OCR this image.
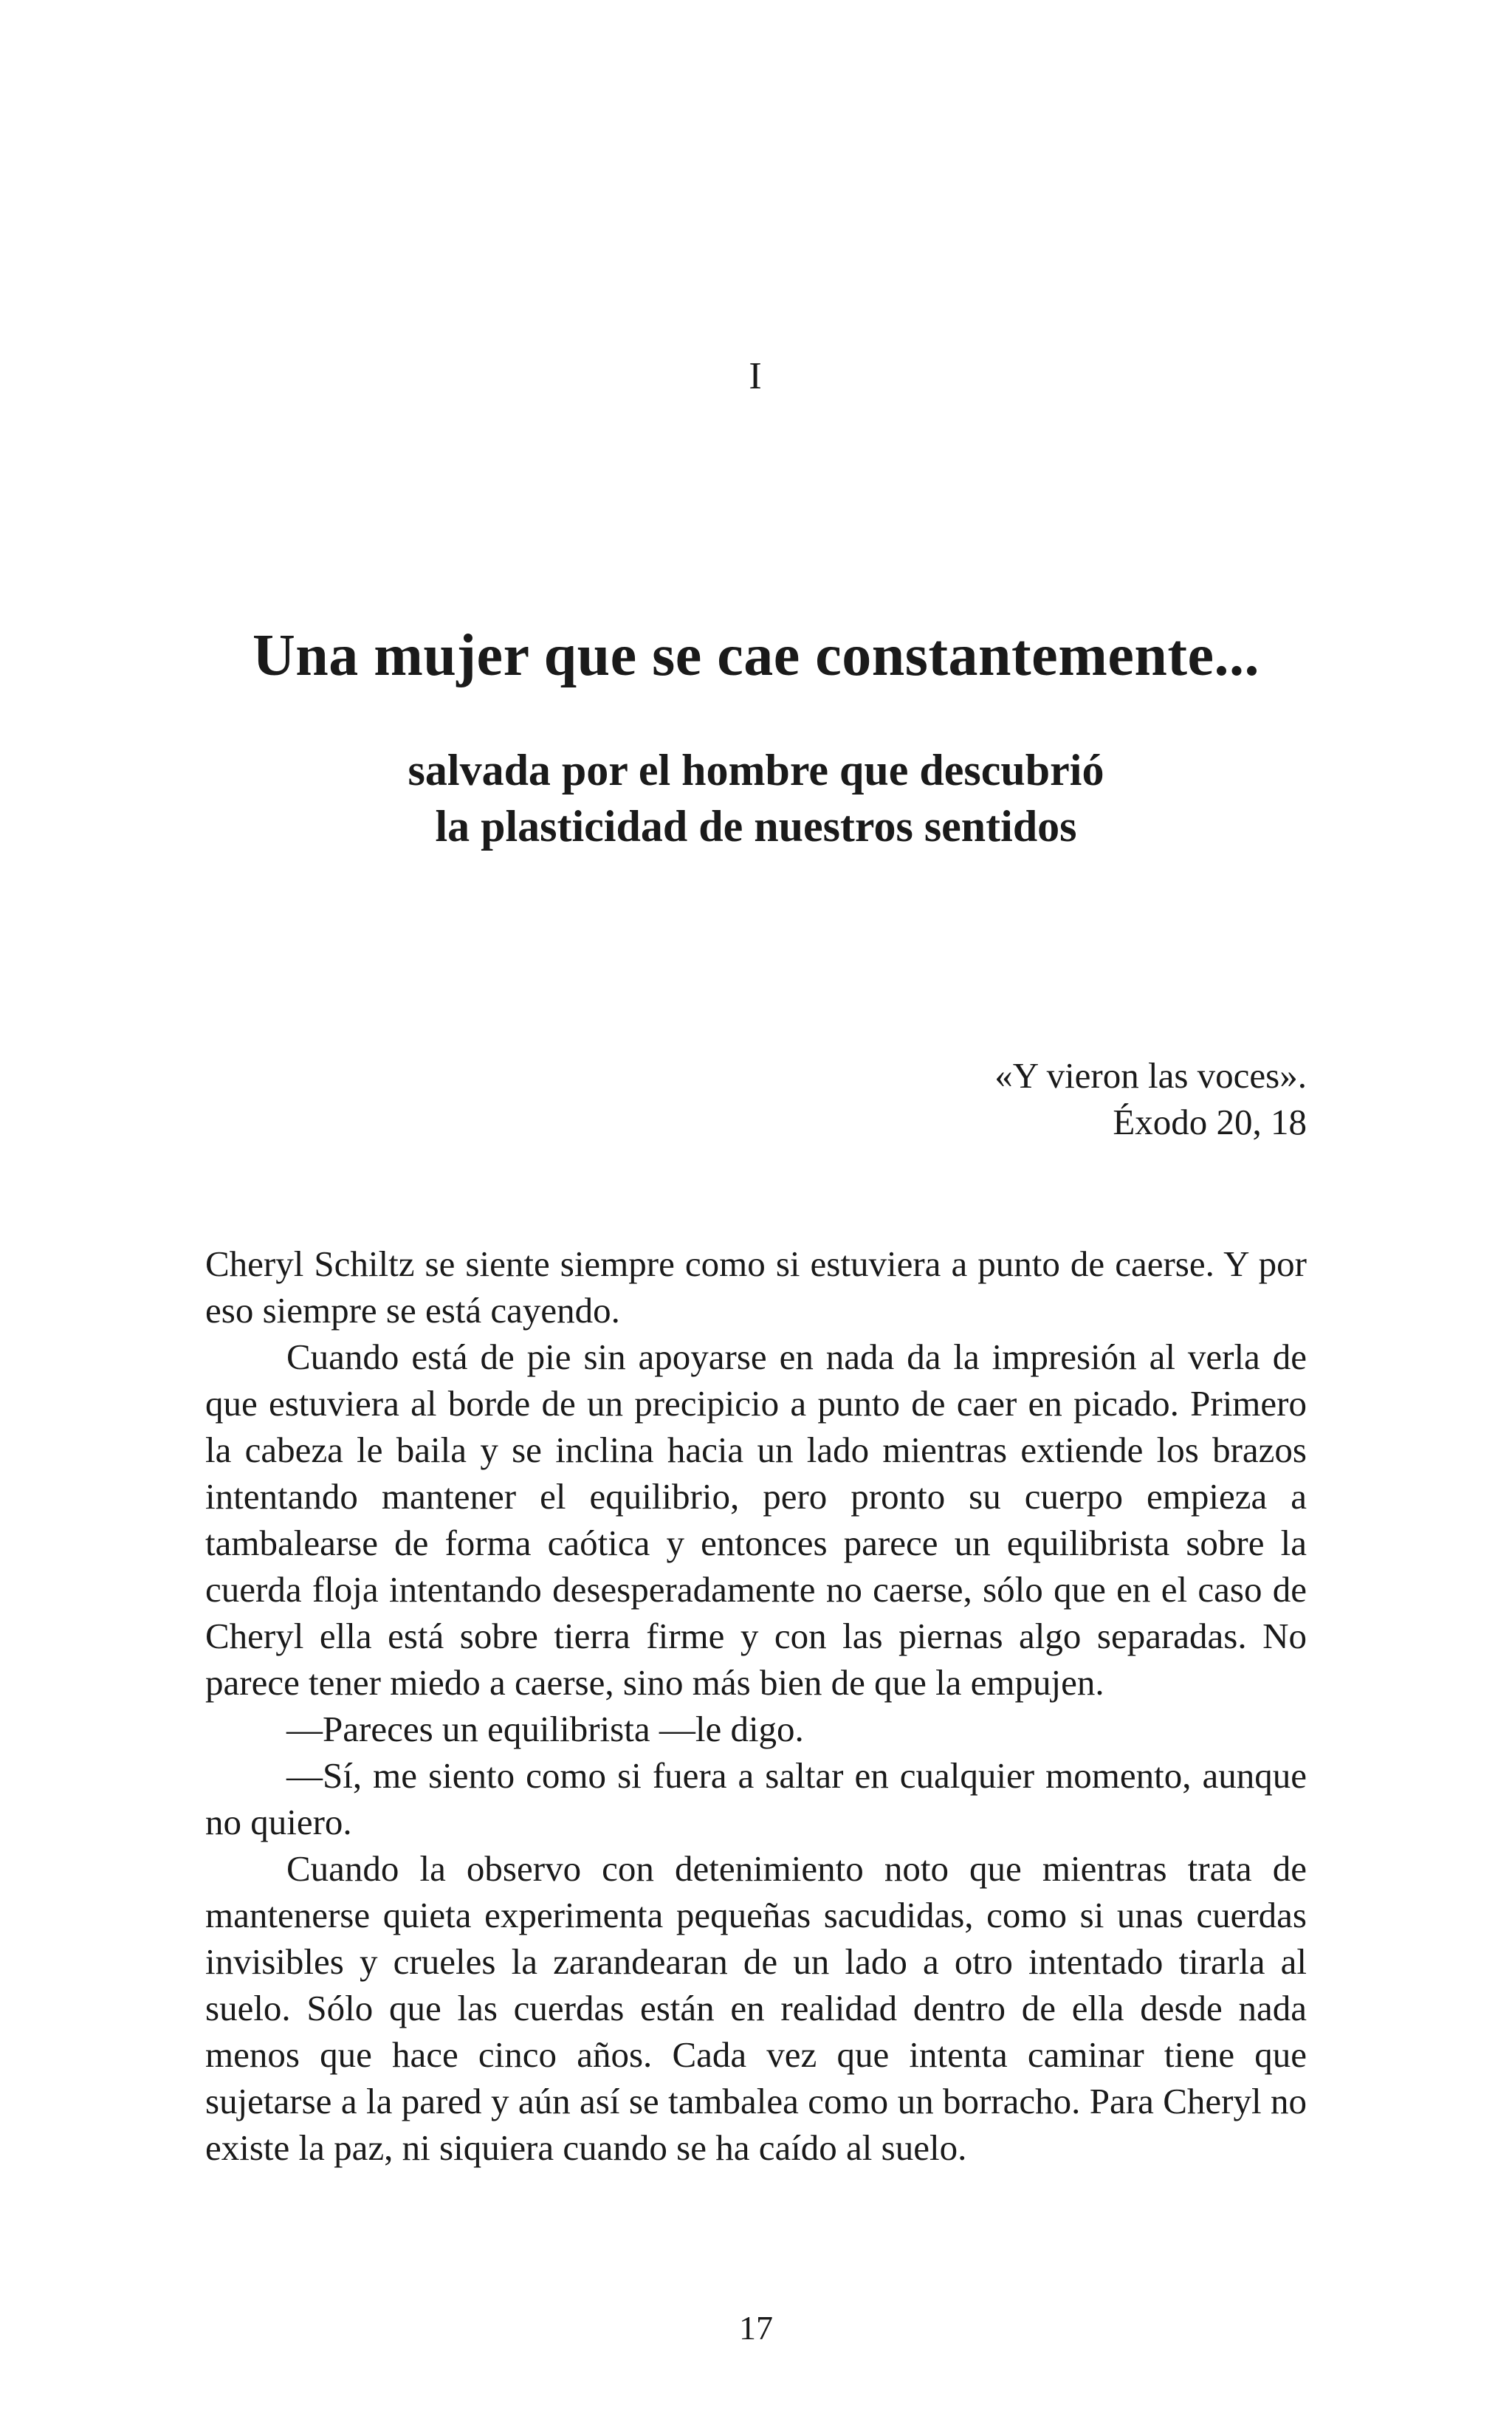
I
Una mujer que se cae constantemente...
salvada por el hombre que descubrió
la plasticidad de nuestros sentidos
«Y vieron las voces».
Éxodo 20, 18

Cheryl Schiltz se siente siempre como si estuviera a punto de caerse. Y por eso siempre se está cayendo.

Cuando está de pie sin apoyarse en nada da la impresión al verla de que estuviera al borde de un precipicio a punto de caer en picado. Primero la cabeza le baila y se inclina hacia un lado mientras extiende los brazos intentando mantener el equilibrio, pero pronto su cuerpo empieza a tambalearse de forma caótica y entonces parece un equilibrista sobre la cuerda floja intentando desesperadamente no caerse, sólo que en el caso de Cheryl ella está sobre tierra firme y con las piernas algo separadas. No parece tener miedo a caerse, sino más bien de que la empujen.

—Pareces un equilibrista —le digo.

—Sí, me siento como si fuera a saltar en cualquier momento, aunque no quiero.

Cuando la observo con detenimiento noto que mientras trata de mantenerse quieta experimenta pequeñas sacudidas, como si unas cuerdas invisibles y crueles la zarandearan de un lado a otro intentado tirarla al suelo. Sólo que las cuerdas están en realidad dentro de ella desde nada menos que hace cinco años. Cada vez que intenta caminar tiene que sujetarse a la pared y aún así se tambalea como un borracho. Para Cheryl no existe la paz, ni siquiera cuando se ha caído al suelo.

17
